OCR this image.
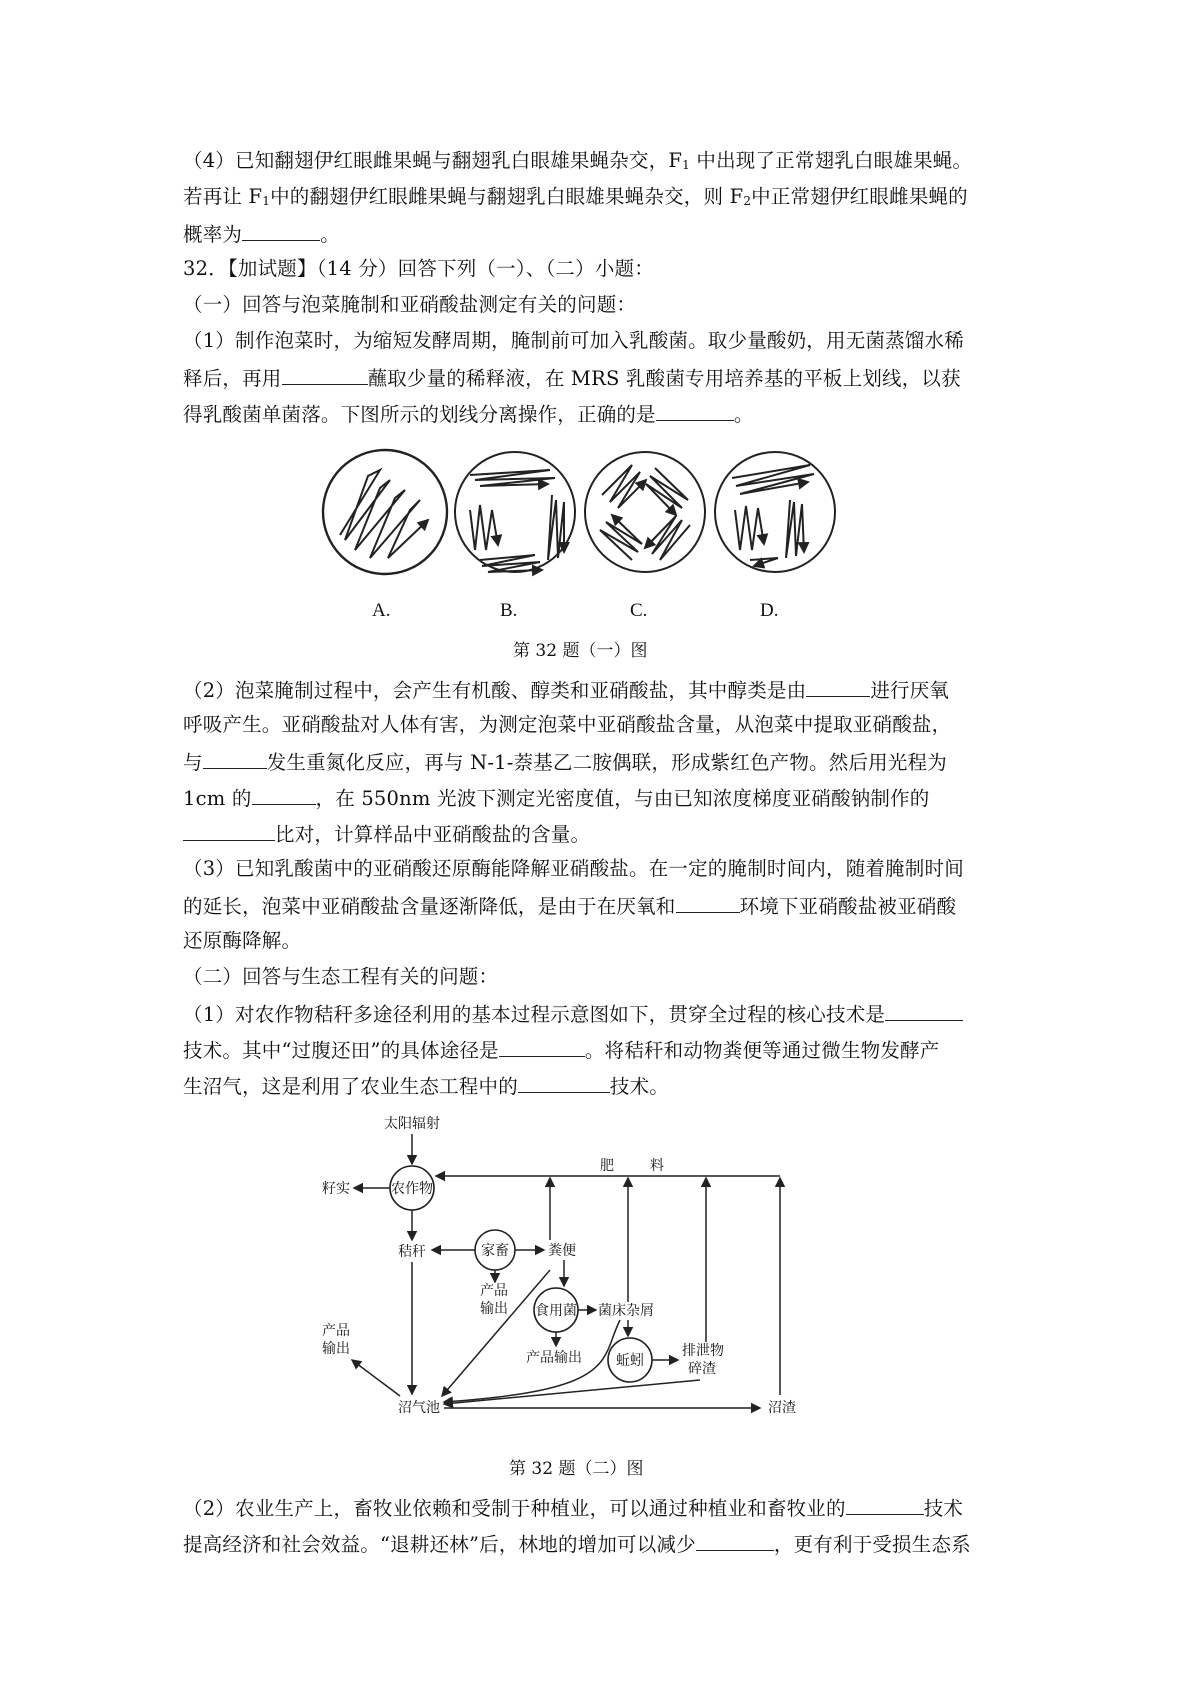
（4）已知翻翅伊红眼雌果蝇与翻翅乳白眼雄果蝇杂交，$F_1$ 中出现了正常翅乳白眼雄果蝇。
若再让 $F_1$中的翻翅伊红眼雌果蝇与翻翅乳白眼雄果蝇杂交，则 $F_2$中正常翅伊红眼雌果蝇的
概率为	。
32．【加试题】（14 分）回答下列（一）、（二）小题：
（一）回答与泡菜腌制和亚硝酸盐测定有关的问题：
（1）制作泡菜时，为缩短发酵周期，腌制前可加入乳酸菌。取少量酸奶，用无菌蒸馏水稀
释后，再用	蘸取少量的稀释液，在 MRS 乳酸菌专用培养基的平板上划线，以获
得乳酸菌单菌落。下图所示的划线分离操作，正确的是	。
A.	B.	C.	D.
第 32 题（一）图
（2）泡菜腌制过程中，会产生有机酸、醇类和亚硝酸盐，其中醇类是由	进行厌氧
呼吸产生。亚硝酸盐对人体有害，为测定泡菜中亚硝酸盐含量，从泡菜中提取亚硝酸盐，
与	发生重氮化反应，再与 N-1-萘基乙二胺偶联，形成紫红色产物。然后用光程为
1cm 的	，在 550nm 光波下测定光密度值，与由已知浓度梯度亚硝酸钠制作的
比对，计算样品中亚硝酸盐的含量。
（3）已知乳酸菌中的亚硝酸还原酶能降解亚硝酸盐。在一定的腌制时间内，随着腌制时间
的延长，泡菜中亚硝酸盐含量逐渐降低，是由于在厌氧和	环境下亚硝酸盐被亚硝酸
还原酶降解。
（二）回答与生态工程有关的问题：
（1）对农作物秸秆多途径利用的基本过程示意图如下，贯穿全过程的核心技术是
技术。其中“过腹还田”的具体途径是	。将秸秆和动物粪便等通过微生物发酵产
生沼气，这是利用了农业生态工程中的	技术。
太阳辐射
农作物
籽实
肥	料
秸秆	家畜	粪便
产品
输出 食用菌 菌床杂屑
产品输出 蚯蚓
排泄物
碎渣
产品
输出
沼气池	沼渣
第 32 题（二）图
（2）农业生产上，畜牧业依赖和受制于种植业，可以通过种植业和畜牧业的	技术
提高经济和社会效益。“退耕还林”后，林地的增加可以减少	，更有利于受损生态系
